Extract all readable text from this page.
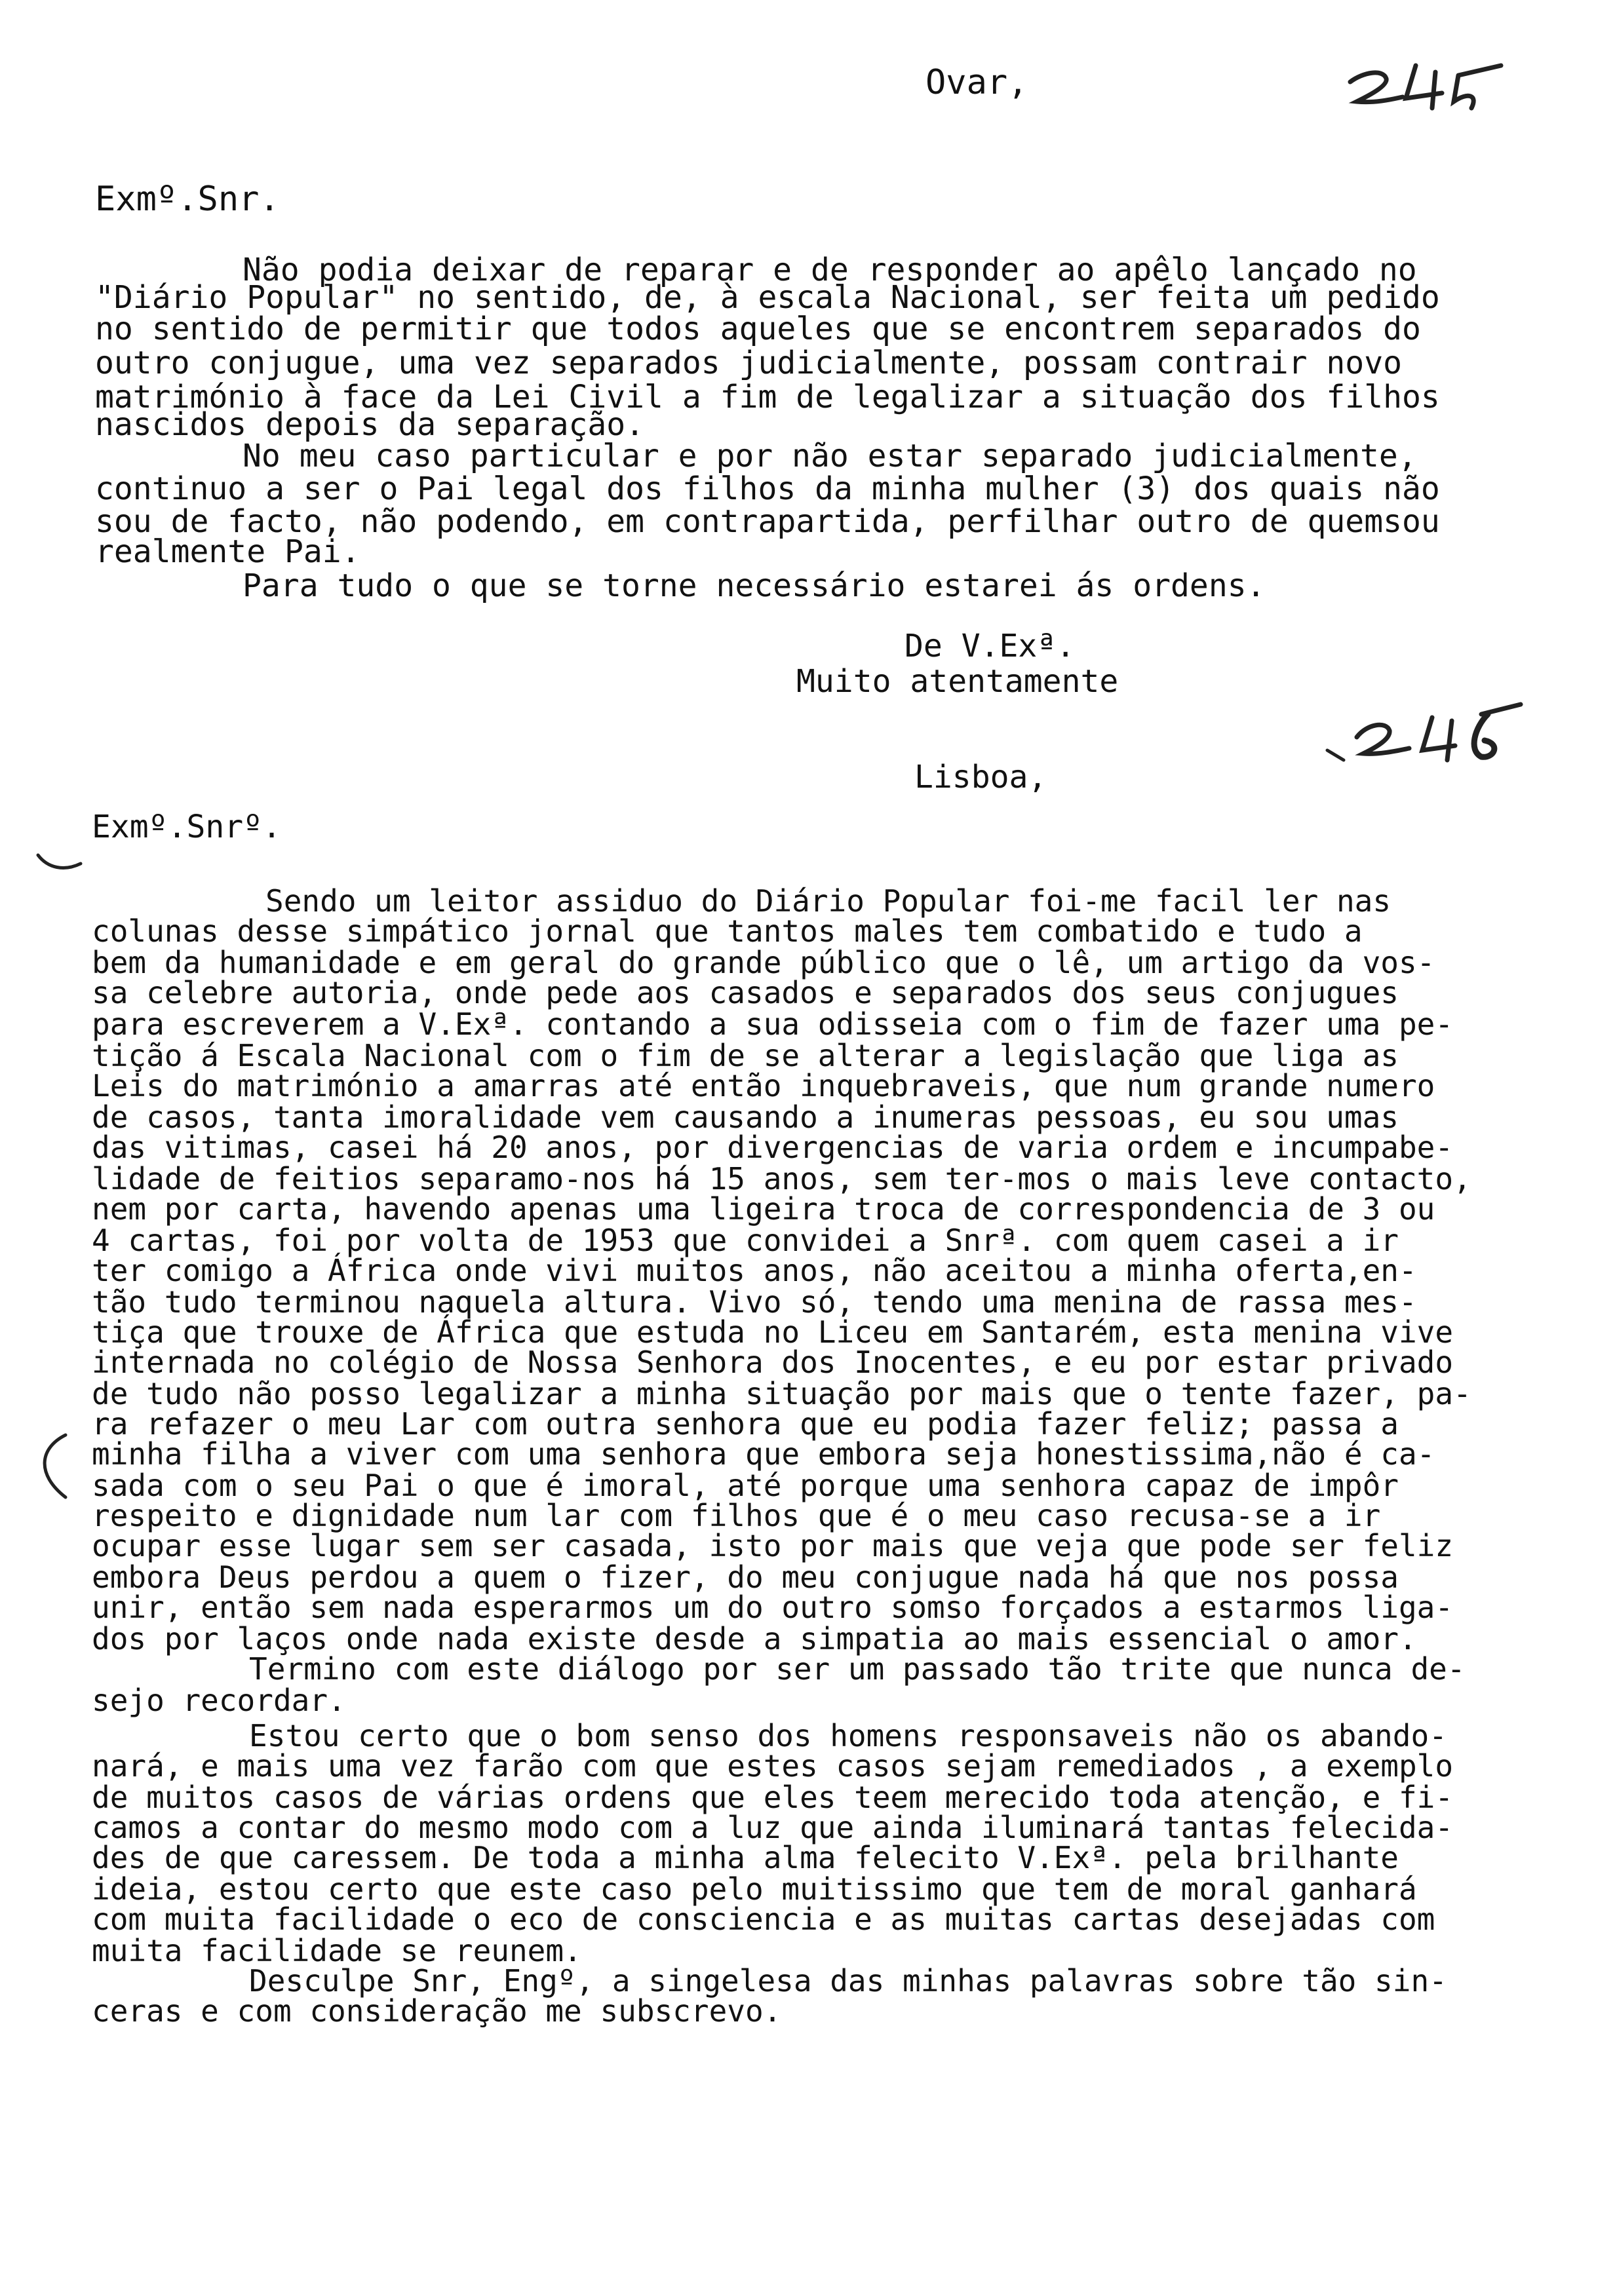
Ovar,
Exmº.Snr.
Não podia deixar de reparar e de responder ao apêlo lançado no
"Diário Popular" no sentido, de, à escala Nacional, ser feita um pedido
no sentido de permitir que todos aqueles que se encontrem separados do
outro conjugue, uma vez separados judicialmente, possam contrair novo
matrimónio à face da Lei Civil a fim de legalizar a situação dos filhos
nascidos depois da separação.
No meu caso particular e por não estar separado judicialmente,
continuo a ser o Pai legal dos filhos da minha mulher (3) dos quais não
sou de facto, não podendo, em contrapartida, perfilhar outro de quemsou
realmente Pai.
Para tudo o que se torne necessário estarei ás ordens.
De V.Exª.
Muito atentamente
Lisboa,
Exmº.Snrº.
Sendo um leitor assiduo do Diário Popular foi-me facil ler nas
colunas desse simpático jornal que tantos males tem combatido e tudo a
bem da humanidade e em geral do grande público que o lê, um artigo da vos-
sa celebre autoria, onde pede aos casados e separados dos seus conjugues
para escreverem a V.Exª. contando a sua odisseia com o fim de fazer uma pe-
tição á Escala Nacional com o fim de se alterar a legislação que liga as
Leis do matrimónio a amarras até então inquebraveis, que num grande numero
de casos, tanta imoralidade vem causando a inumeras pessoas, eu sou umas
das vitimas, casei há 20 anos, por divergencias de varia ordem e incumpabe-
lidade de feitios separamo-nos há 15 anos, sem ter-mos o mais leve contacto,
nem por carta, havendo apenas uma ligeira troca de correspondencia de 3 ou
4 cartas, foi por volta de 1953 que convidei a Snrª. com quem casei a ir
ter comigo a África onde vivi muitos anos, não aceitou a minha oferta,en-
tão tudo terminou naquela altura. Vivo só, tendo uma menina de rassa mes-
tiça que trouxe de África que estuda no Liceu em Santarém, esta menina vive
internada no colégio de Nossa Senhora dos Inocentes, e eu por estar privado
de tudo não posso legalizar a minha situação por mais que o tente fazer, pa-
ra refazer o meu Lar com outra senhora que eu podia fazer feliz; passa a
minha filha a viver com uma senhora que embora seja honestissima,não é ca-
sada com o seu Pai o que é imoral, até porque uma senhora capaz de impôr
respeito e dignidade num lar com filhos que é o meu caso recusa-se a ir
ocupar esse lugar sem ser casada, isto por mais que veja que pode ser feliz
embora Deus perdou a quem o fizer, do meu conjugue nada há que nos possa
unir, então sem nada esperarmos um do outro somso forçados a estarmos liga-
dos por laços onde nada existe desde a simpatia ao mais essencial o amor.
Termino com este diálogo por ser um passado tão trite que nunca de-
sejo recordar.
Estou certo que o bom senso dos homens responsaveis não os abando-
nará, e mais uma vez farão com que estes casos sejam remediados , a exemplo
de muitos casos de várias ordens que eles teem merecido toda atenção, e fi-
camos a contar do mesmo modo com a luz que ainda iluminará tantas felecida-
des de que caressem. De toda a minha alma felecito V.Exª. pela brilhante
ideia, estou certo que este caso pelo muitissimo que tem de moral ganhará
com muita facilidade o eco de consciencia e as muitas cartas desejadas com
muita facilidade se reunem.
Desculpe Snr, Engº, a singelesa das minhas palavras sobre tão sin-
ceras e com consideração me subscrevo.
